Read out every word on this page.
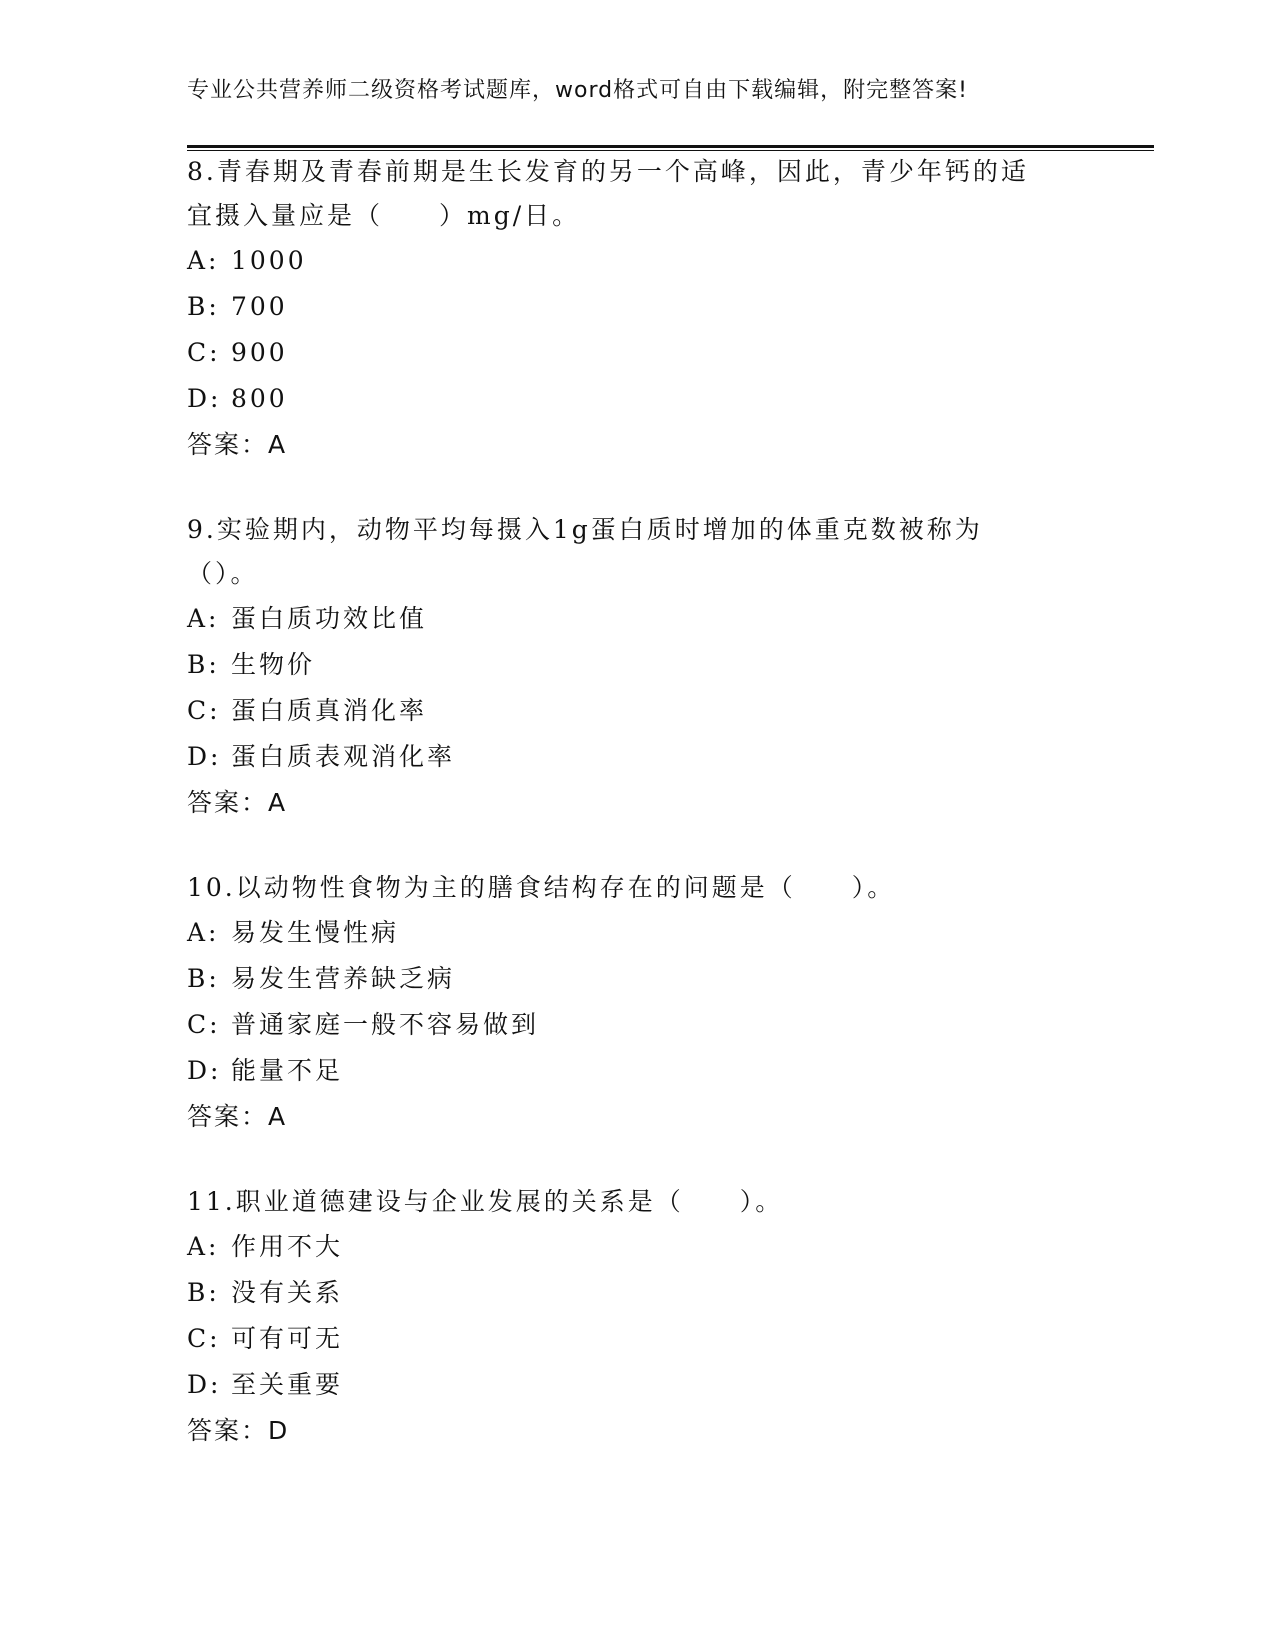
专业公共营养师二级资格考试题库，word格式可自由下载编辑，附完整答案!

8.青春期及青春前期是生长发育的另一个高峰，因此，青少年钙的适宜摄入量应是（　　）mg/日。

A: 1000
B: 700
C: 900
D: 800
答案：A

9.实验期内，动物平均每摄入1g蛋白质时增加的体重克数被称为（）。

A: 蛋白质功效比值
B: 生物价
C: 蛋白质真消化率
D: 蛋白质表观消化率
答案：A

10.以动物性食物为主的膳食结构存在的问题是（　　）。

A: 易发生慢性病
B: 易发生营养缺乏病
C: 普通家庭一般不容易做到
D: 能量不足
答案：A

11.职业道德建设与企业发展的关系是（　　）。

A: 作用不大
B: 没有关系
C: 可有可无
D: 至关重要
答案：D
